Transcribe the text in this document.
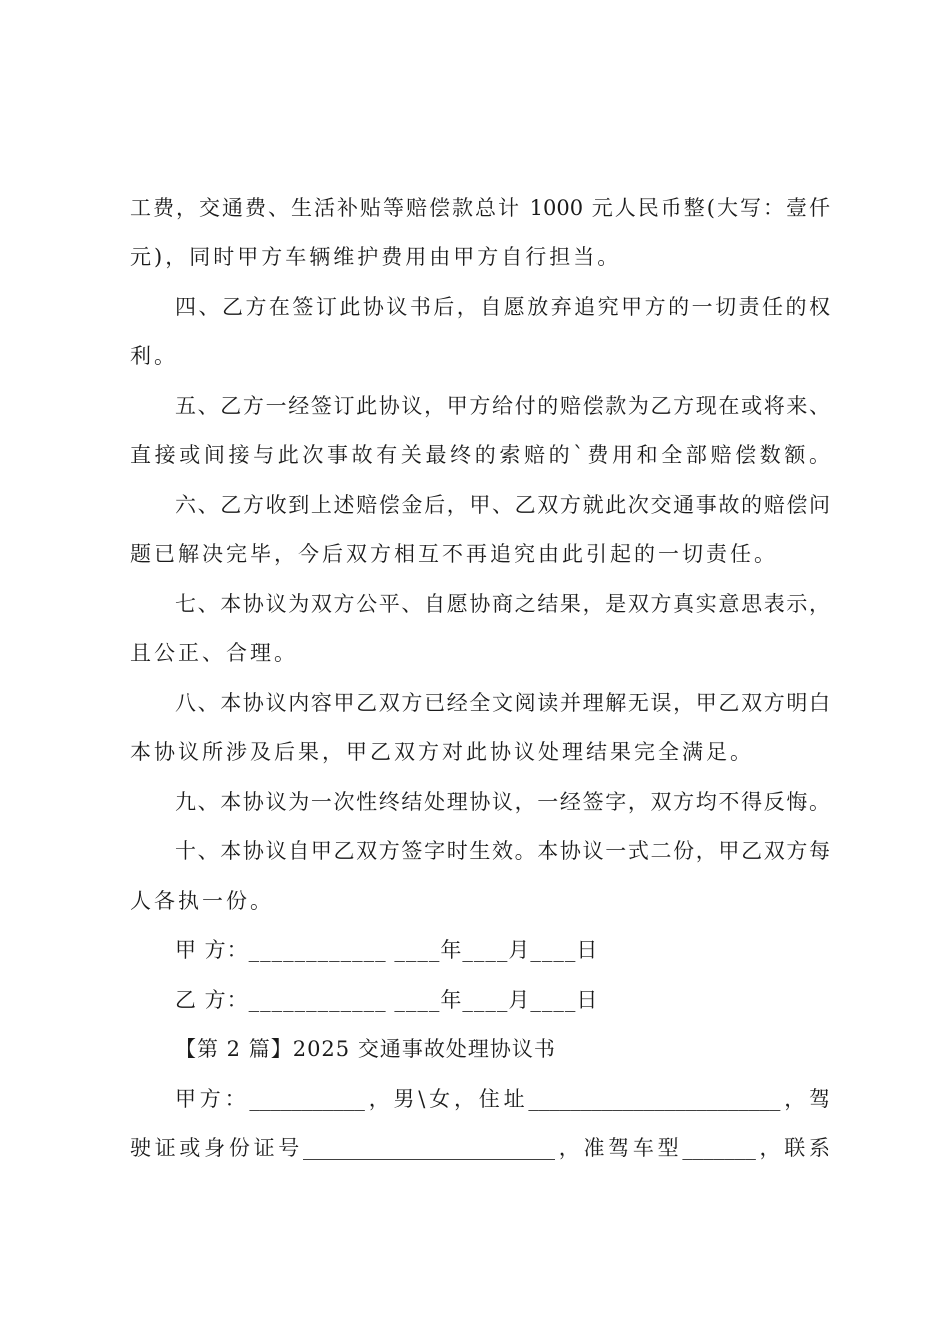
工费，交通费、生活补贴等赔偿款总计 1000 元人民币整(大写：壹仟
元)，同时甲方车辆维护费用由甲方自行担当。
四、乙方在签订此协议书后，自愿放弃追究甲方的一切责任的权
利。
五、乙方一经签订此协议，甲方给付的赔偿款为乙方现在或将来、
直接或间接与此次事故有关最终的索赔的`费用和全部赔偿数额。
六、乙方收到上述赔偿金后，甲、乙双方就此次交通事故的赔偿问
题已解决完毕，今后双方相互不再追究由此引起的一切责任。
七、本协议为双方公平、自愿协商之结果，是双方真实意思表示，
且公正、合理。
八、本协议内容甲乙双方已经全文阅读并理解无误，甲乙双方明白
本协议所涉及后果，甲乙双方对此协议处理结果完全满足。
九、本协议为一次性终结处理协议，一经签字，双方均不得反悔。
十、本协议自甲乙双方签字时生效。本协议一式二份，甲乙双方每
人各执一份。
甲 方：____________ ____年____月____日
乙 方：____________ ____年____月____日
【第 2 篇】2025 交通事故处理协议书
甲方：___________，男\女，住址________________________，驾
驶证或身份证号________________________，准驾车型_______，联系
